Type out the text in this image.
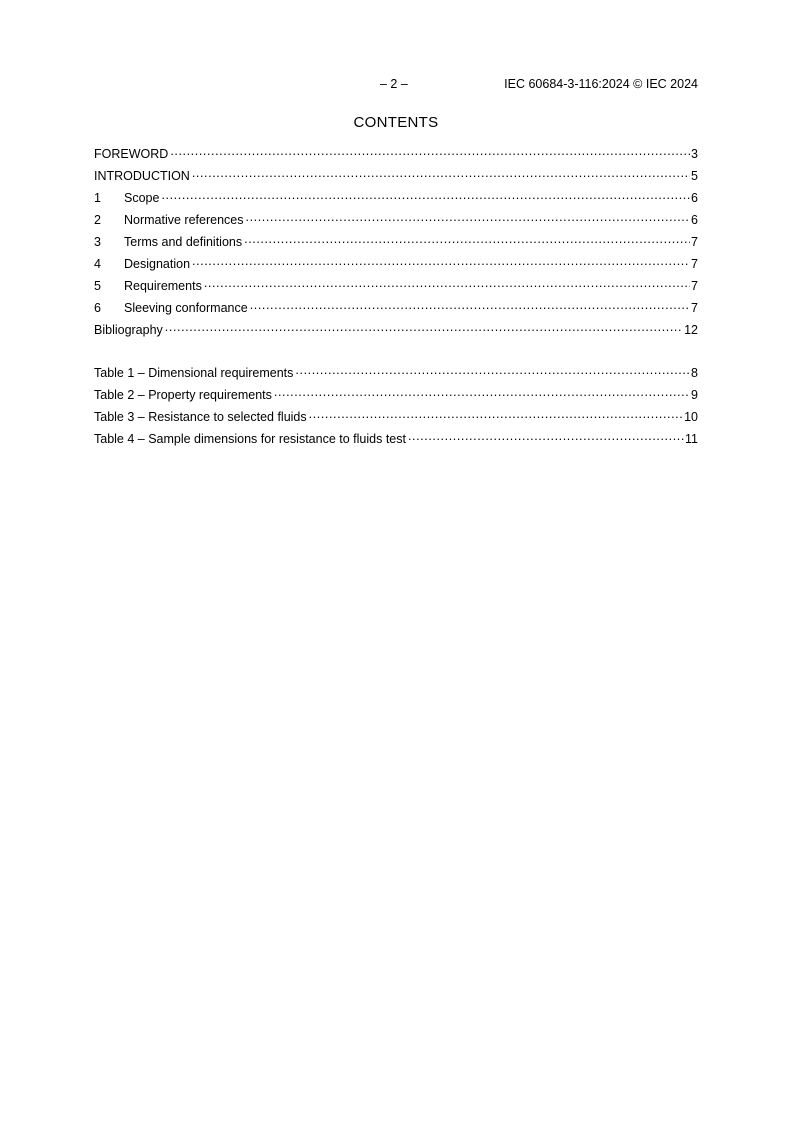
– 2 –	IEC 60684-3-116:2024 © IEC 2024
CONTENTS
FOREWORD .....	3
INTRODUCTION .....	5
1	Scope .....	6
2	Normative references .....	6
3	Terms and definitions .....	7
4	Designation .....	7
5	Requirements .....	7
6	Sleeving conformance .....	7
Bibliography .....	12
Table 1 – Dimensional requirements .....	8
Table 2 – Property requirements .....	9
Table 3 – Resistance to selected fluids .....	10
Table 4 – Sample dimensions for resistance to fluids test .....	11
